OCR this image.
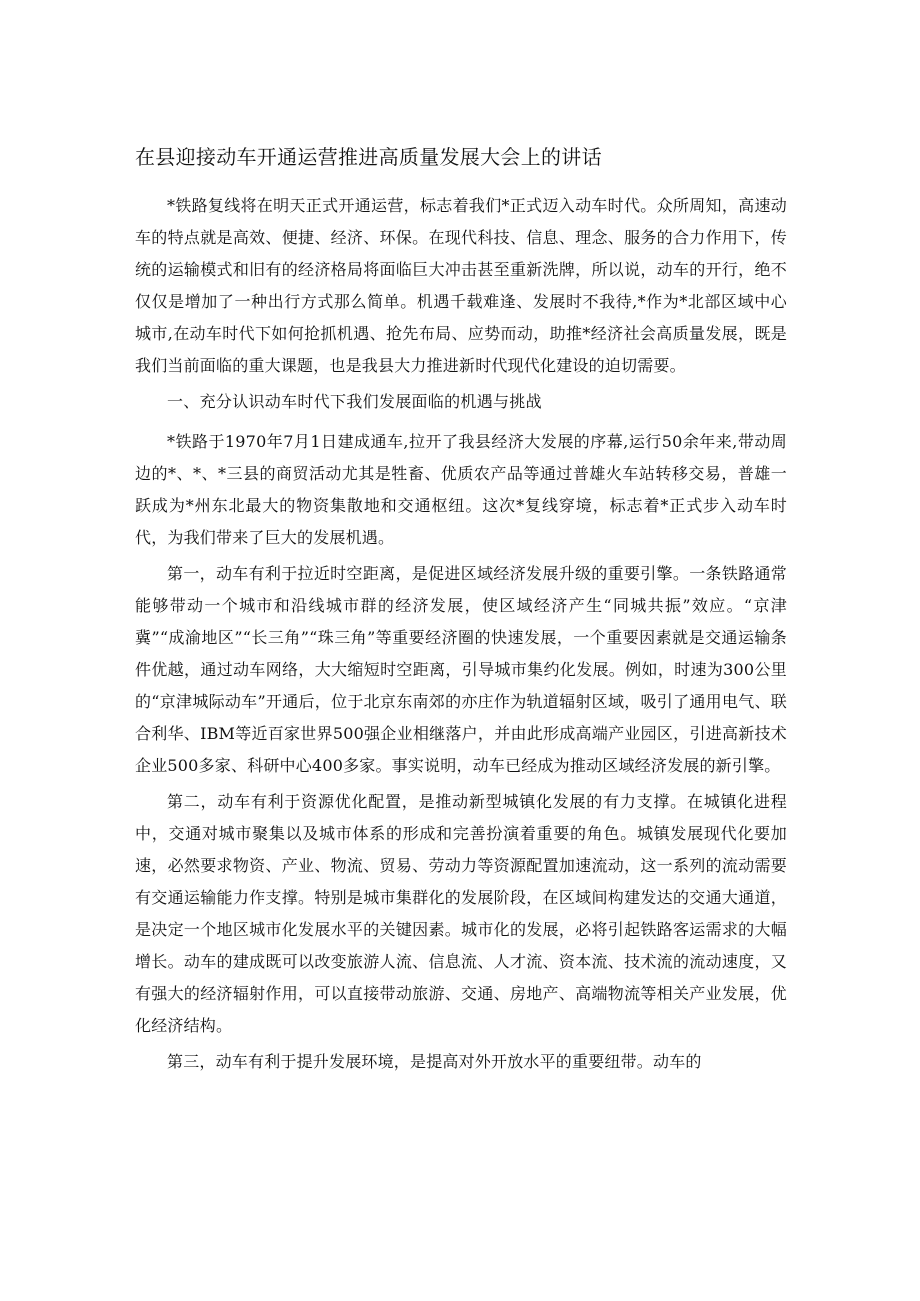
在县迎接动车开通运营推进高质量发展大会上的讲话

*铁路复线将在明天正式开通运营，标志着我们*正式迈入动车时代。众所周知，高速动车的特点就是高效、便捷、经济、环保。在现代科技、信息、理念、服务的合力作用下，传统的运输模式和旧有的经济格局将面临巨大冲击甚至重新洗牌，所以说，动车的开行，绝不仅仅是增加了一种出行方式那么简单。机遇千载难逢、发展时不我待,*作为*北部区域中心城市,在动车时代下如何抢抓机遇、抢先布局、应势而动，助推*经济社会高质量发展，既是我们当前面临的重大课题，也是我县大力推进新时代现代化建设的迫切需要。

一、充分认识动车时代下我们发展面临的机遇与挑战

*铁路于1970年7月1日建成通车,拉开了我县经济大发展的序幕,运行50余年来,带动周边的*、*、*三县的商贸活动尤其是牲畜、优质农产品等通过普雄火车站转移交易，普雄一跃成为*州东北最大的物资集散地和交通枢纽。这次*复线穿境，标志着*正式步入动车时代，为我们带来了巨大的发展机遇。

第一，动车有利于拉近时空距离，是促进区域经济发展升级的重要引擎。一条铁路通常能够带动一个城市和沿线城市群的经济发展，使区域经济产生“同城共振”效应。“京津冀”“成渝地区”“长三角”“珠三角”等重要经济圈的快速发展，一个重要因素就是交通运输条件优越，通过动车网络，大大缩短时空距离，引导城市集约化发展。例如，时速为300公里的“京津城际动车”开通后，位于北京东南郊的亦庄作为轨道辐射区域，吸引了通用电气、联合利华、IBM等近百家世界500强企业相继落户，并由此形成高端产业园区，引进高新技术企业500多家、科研中心400多家。事实说明，动车已经成为推动区域经济发展的新引擎。

第二，动车有利于资源优化配置，是推动新型城镇化发展的有力支撑。在城镇化进程中，交通对城市聚集以及城市体系的形成和完善扮演着重要的角色。城镇发展现代化要加速，必然要求物资、产业、物流、贸易、劳动力等资源配置加速流动，这一系列的流动需要有交通运输能力作支撑。特别是城市集群化的发展阶段，在区域间构建发达的交通大通道，是决定一个地区城市化发展水平的关键因素。城市化的发展，必将引起铁路客运需求的大幅增长。动车的建成既可以改变旅游人流、信息流、人才流、资本流、技术流的流动速度，又有强大的经济辐射作用，可以直接带动旅游、交通、房地产、高端物流等相关产业发展，优化经济结构。

第三，动车有利于提升发展环境，是提高对外开放水平的重要纽带。动车的
